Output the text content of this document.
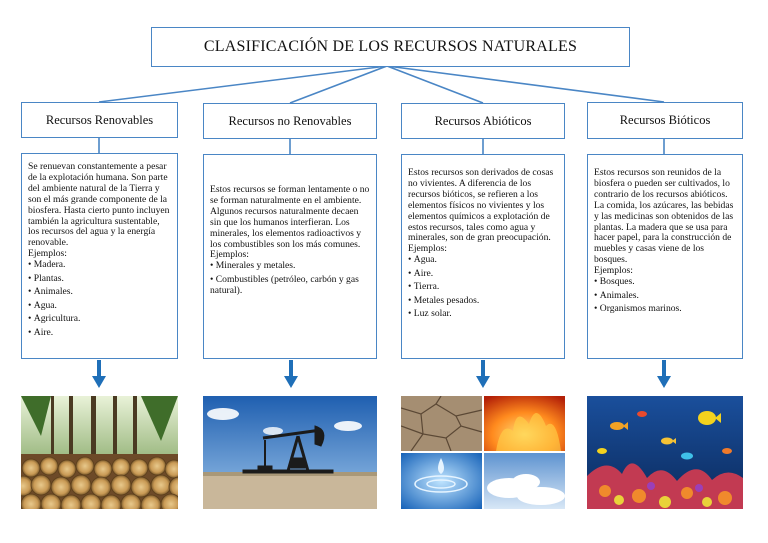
CLASIFICACIÓN DE LOS RECURSOS NATURALES
Recursos Renovables	Recursos no Renovables	Recursos Abióticos	Recursos Bióticos

Se renuevan constantemente a pesar de la explotación humana. Son parte del ambiente natural de la Tierra y son el más grande componente de la biosfera. Hasta cierto punto incluyen también la agricultura sustentable, los recursos del agua y la energía renovable.

Ejemplos:

• Madera.
• Plantas.
• Animales.
• Agua.
• Agricultura.
• Aire.

Estos recursos se forman lentamente o no se forman naturalmente en el ambiente. Algunos recursos naturalmente decaen sin que los humanos interfieran. Los minerales, los elementos radioactivos y los combustibles son los más comunes.

Ejemplos:

• Minerales y metales.
• Combustibles (petróleo, carbón y gas natural).

Estos recursos son derivados de cosas no vivientes. A diferencia de los recursos bióticos, se refieren a los elementos físicos no vivientes y los elementos químicos a explotación de estos recursos, tales como agua y minerales, son de gran preocupación.

Ejemplos:

• Agua.
• Aire.
• Tierra.
• Metales pesados.
• Luz solar.

Estos recursos son reunidos de la biosfera o pueden ser cultivados, lo contrario de los recursos abióticos.

La comida, los azúcares, las bebidas y las medicinas son obtenidos de las plantas. La madera que se usa para hacer papel, para la construcción de muebles y casas viene de los bosques.

Ejemplos:

• Bosques.
• Animales.
• Organismos marinos.
